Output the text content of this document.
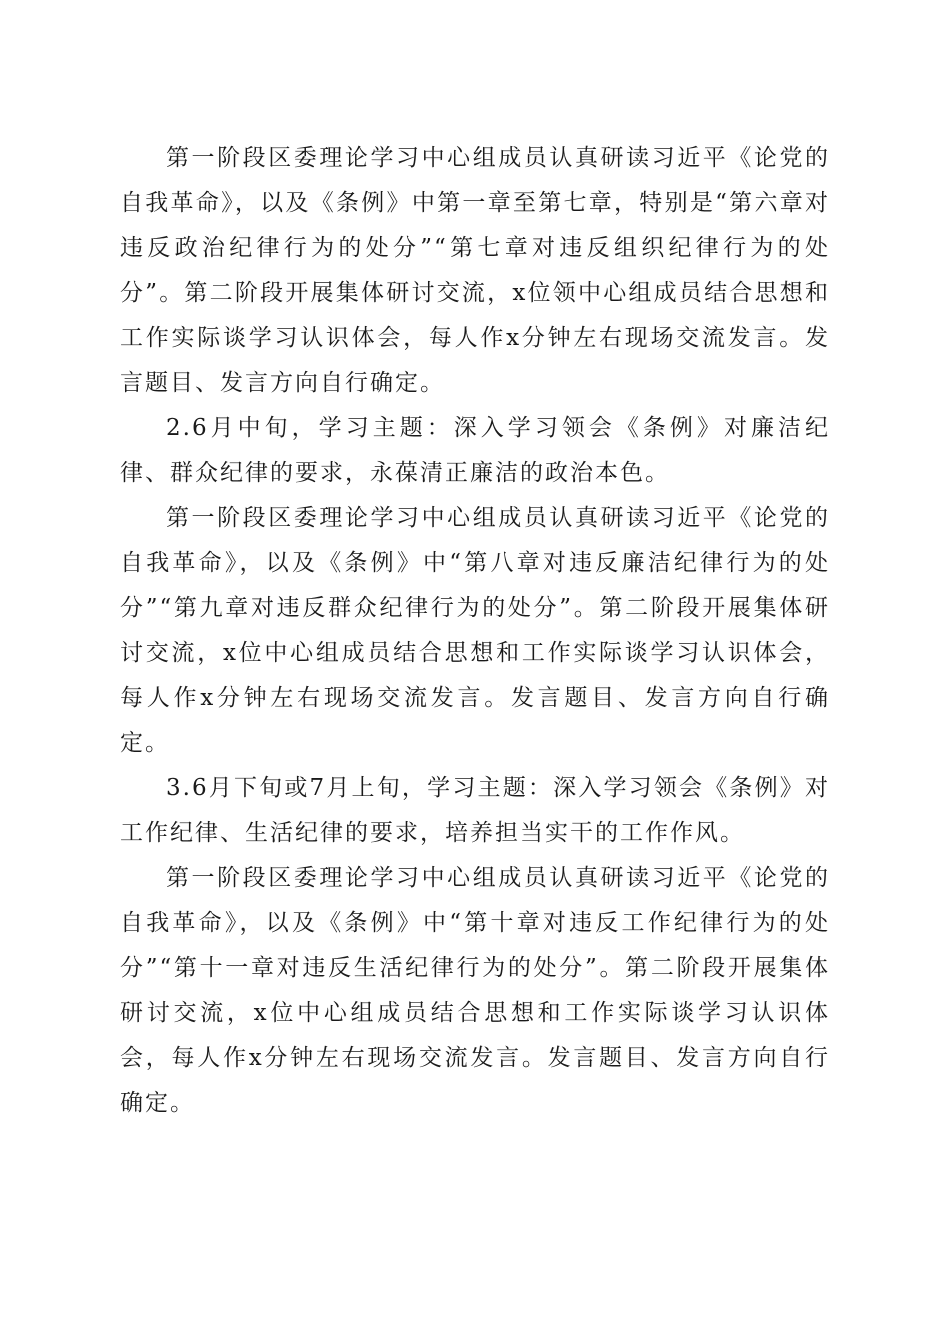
第一阶段区委理论学习中心组成员认真研读习近平《论党的自我革命》，以及《条例》中第一章至第七章，特别是“第六章对违反政治纪律行为的处分”“第七章对违反组织纪律行为的处分”。第二阶段开展集体研讨交流，x位领中心组成员结合思想和工作实际谈学习认识体会，每人作x分钟左右现场交流发言。发言题目、发言方向自行确定。

2.6月中旬，学习主题：深入学习领会《条例》对廉洁纪律、群众纪律的要求，永葆清正廉洁的政治本色。

第一阶段区委理论学习中心组成员认真研读习近平《论党的自我革命》，以及《条例》中“第八章对违反廉洁纪律行为的处分”“第九章对违反群众纪律行为的处分”。第二阶段开展集体研讨交流，x位中心组成员结合思想和工作实际谈学习认识体会，每人作x分钟左右现场交流发言。发言题目、发言方向自行确定。

3.6月下旬或7月上旬，学习主题：深入学习领会《条例》对工作纪律、生活纪律的要求，培养担当实干的工作作风。

第一阶段区委理论学习中心组成员认真研读习近平《论党的自我革命》，以及《条例》中“第十章对违反工作纪律行为的处分”“第十一章对违反生活纪律行为的处分”。第二阶段开展集体研讨交流，x位中心组成员结合思想和工作实际谈学习认识体会，每人作x分钟左右现场交流发言。发言题目、发言方向自行确定。
